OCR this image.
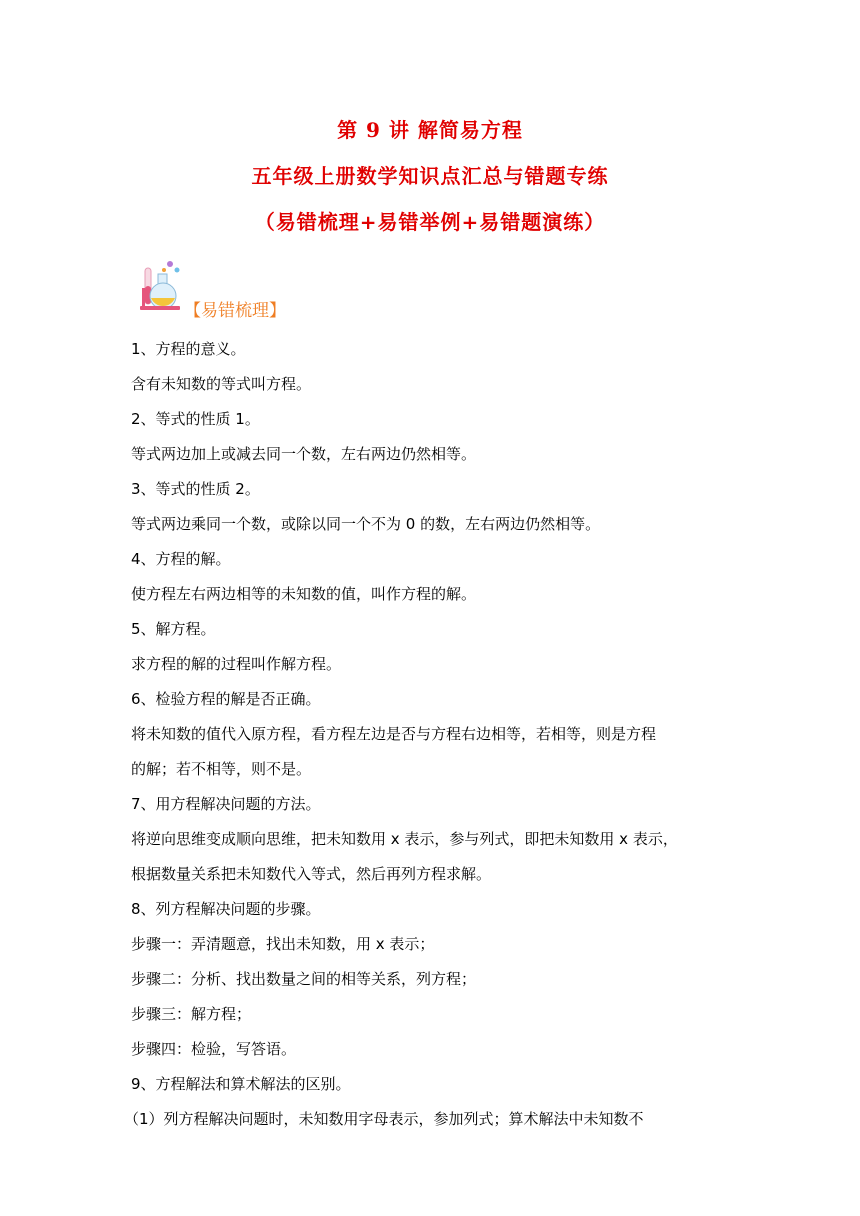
第 9 讲 解简易方程
五年级上册数学知识点汇总与错题专练
（易错梳理+易错举例+易错题演练）
【易错梳理】
1、方程的意义。
含有未知数的等式叫方程。
2、等式的性质 1。
等式两边加上或减去同一个数，左右两边仍然相等。
3、等式的性质 2。
等式两边乘同一个数，或除以同一个不为 0 的数，左右两边仍然相等。
4、方程的解。
使方程左右两边相等的未知数的值，叫作方程的解。
5、解方程。
求方程的解的过程叫作解方程。
6、检验方程的解是否正确。
将未知数的值代入原方程，看方程左边是否与方程右边相等，若相等，则是方程
的解；若不相等，则不是。
7、用方程解决问题的方法。
将逆向思维变成顺向思维，把未知数用 x 表示，参与列式，即把未知数用 x 表示，
根据数量关系把未知数代入等式，然后再列方程求解。
8、列方程解决问题的步骤。
步骤一：弄清题意，找出未知数，用 x 表示；
步骤二：分析、找出数量之间的相等关系，列方程；
步骤三：解方程；
步骤四：检验，写答语。
9、方程解法和算术解法的区别。
（1）列方程解决问题时，未知数用字母表示，参加列式；算术解法中未知数不
